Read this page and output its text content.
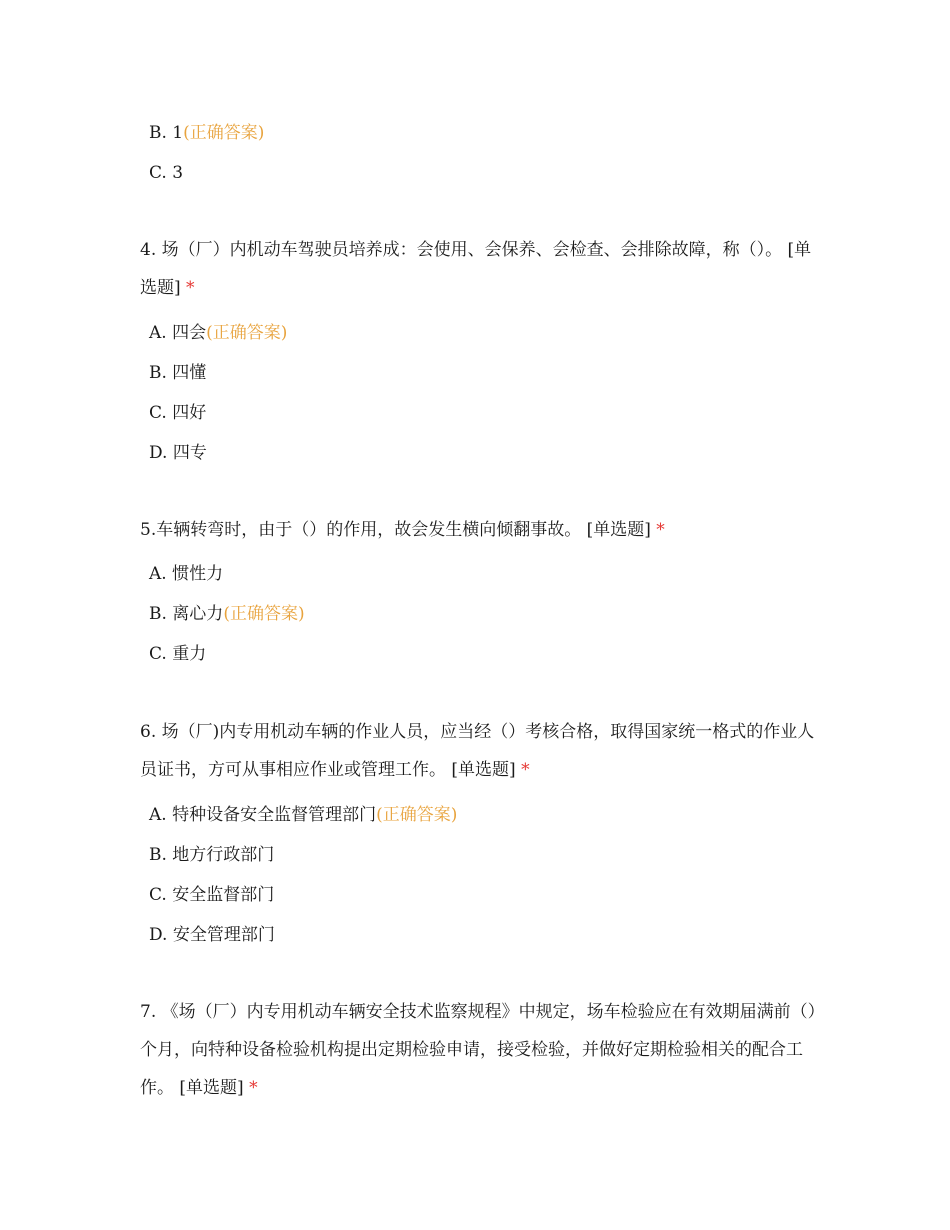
B. 1(正确答案)
C. 3
4. 场（厂）内机动车驾驶员培养成：会使用、会保养、会检查、会排除故障，称（）。 [单选题] *
A. 四会(正确答案)
B. 四懂
C. 四好
D. 四专
5.车辆转弯时，由于（）的作用，故会发生横向倾翻事故。 [单选题] *
A. 惯性力
B. 离心力(正确答案)
C. 重力
6. 场（厂)内专用机动车辆的作业人员，应当经（）考核合格，取得国家统一格式的作业人员证书，方可从事相应作业或管理工作。 [单选题] *
A. 特种设备安全监督管理部门(正确答案)
B. 地方行政部门
C. 安全监督部门
D. 安全管理部门
7. 《场（厂）内专用机动车辆安全技术监察规程》中规定，场车检验应在有效期届满前（）个月，向特种设备检验机构提出定期检验申请，接受检验，并做好定期检验相关的配合工作。 [单选题] *
